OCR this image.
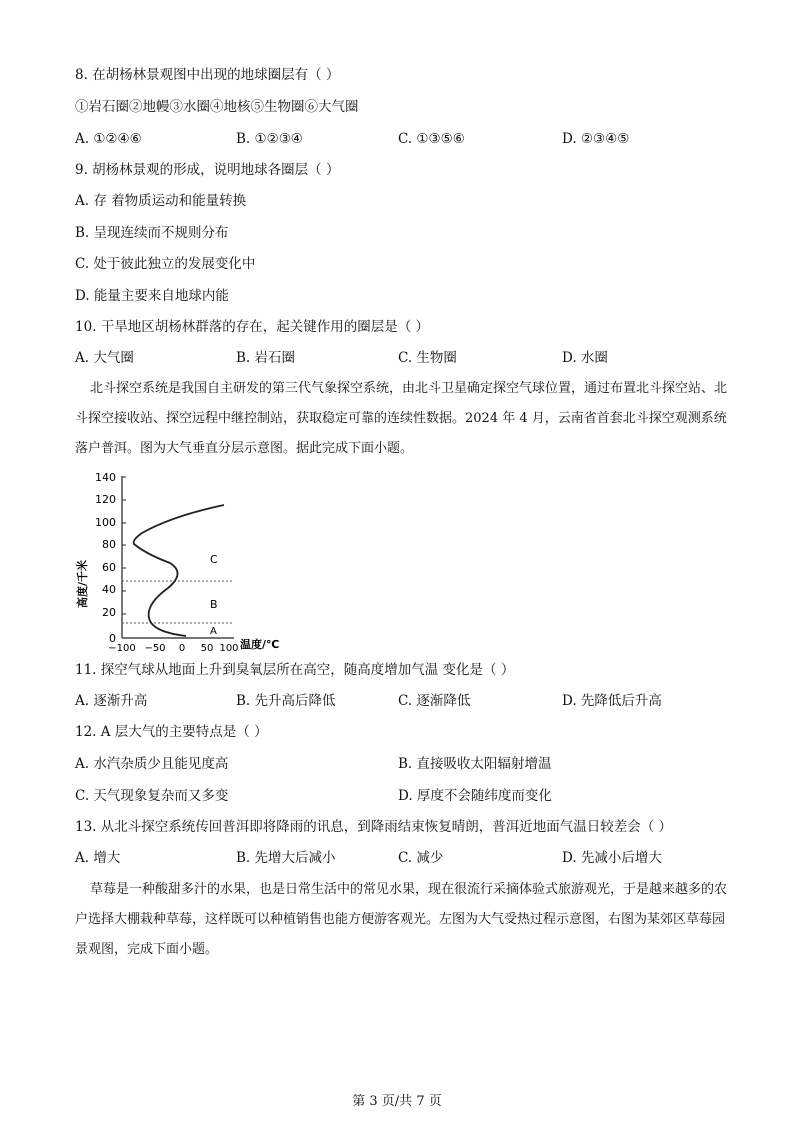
8. 在胡杨林景观图中出现的地球圈层有（ ）
①岩石圈②地幔③水圈④地核⑤生物圈⑥大气圈
A. ①②④⑥	B. ①②③④	C. ①③⑤⑥	D. ②③④⑤
9. 胡杨林景观的形成，说明地球各圈层（ ）
A. 存 着物质运动和能量转换
B. 呈现连续而不规则分布
C. 处于彼此独立的发展变化中
D. 能量主要来自地球内能
10. 干旱地区胡杨林群落的存在，起关键作用的圈层是（ ）
A. 大气圈	B. 岩石圈	C. 生物圈	D. 水圈
北斗探空系统是我国自主研发的第三代气象探空系统，由北斗卫星确定探空气球位置，通过布置北斗探空站、北斗探空接收站、探空远程中继控制站，获取稳定可靠的连续性数据。2024 年 4 月，云南省首套北斗探空观测系统落户普洱。图为大气垂直分层示意图。据此完成下面小题。
高度/千米
140
120
100
80
60
40
20
0
−100 −50 0 50 100 温度/℃
C
B
A
11. 探空气球从地面上升到臭氧层所在高空，随高度增加气温 变化是（ ）
A. 逐渐升高	B. 先升高后降低	C. 逐渐降低	D. 先降低后升高
12. A 层大气的主要特点是（ ）
A. 水汽杂质少且能见度高	B. 直接吸收太阳辐射增温
C. 天气现象复杂而又多变	D. 厚度不会随纬度而变化
13. 从北斗探空系统传回普洱即将降雨的讯息，到降雨结束恢复晴朗，普洱近地面气温日较差会（ ）
A. 增大	B. 先增大后减小	C. 减少	D. 先减小后增大
草莓是一种酸甜多汁的水果，也是日常生活中的常见水果，现在很流行采摘体验式旅游观光，于是越来越多的农户选择大棚栽种草莓，这样既可以种植销售也能方便游客观光。左图为大气受热过程示意图，右图为某郊区草莓园景观图，完成下面小题。
第 3 页/共 7 页
